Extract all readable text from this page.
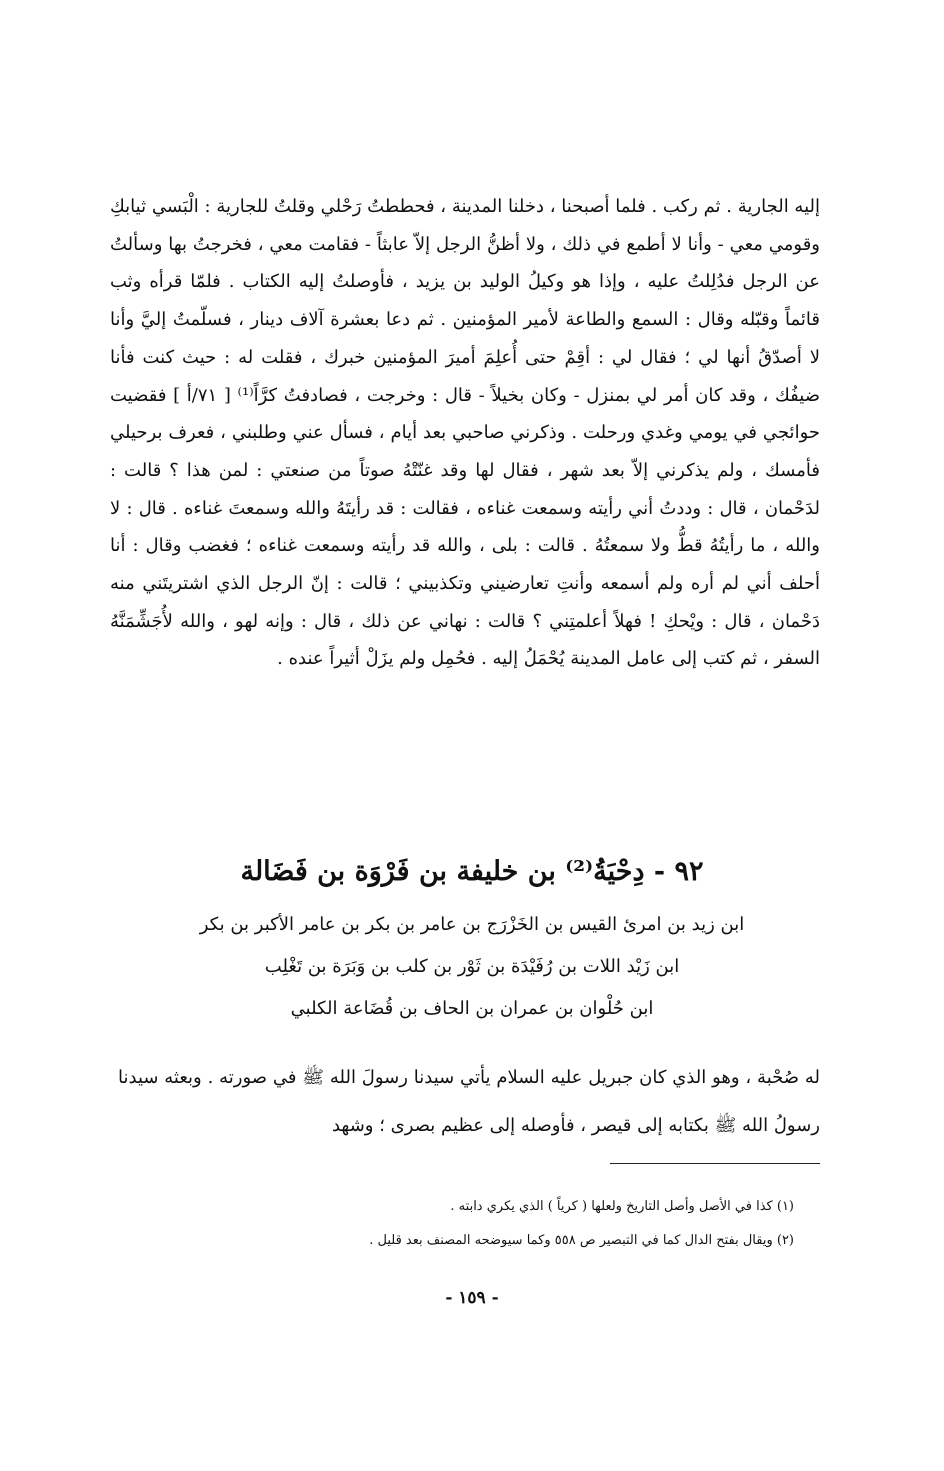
إليه الجارية . ثم ركب . فلما أصبحنا ، دخلنا المدينة ، فحططتُ رَحْلي وقلتُ للجارية : الْبَسي ثيابكِ وقومي معي - وأنا لا أطمع في ذلك ، ولا أظنُّ الرجل إلاّ عابثاً - فقامت معي ، فخرجتُ بها وسألتُ عن الرجل فدُلِلتُ عليه ، وإذا هو وكيلُ الوليد بن يزيد ، فأوصلتُ إليه الكتاب . فلمّا قرأه وثب قائماً وقبّله وقال : السمع والطاعة لأمير المؤمنين . ثم دعا بعشرة آلاف دينار ، فسلّمتُ إليَّ وأنا لا أصدّقُ أنها لي ؛ فقال لي : أقِمْ حتى أُعلِمَ أميرَ المؤمنين خبرك ، فقلت له : حيث كنت فأنا ضيفُك ، وقد كان أمر لي بمنزل - وكان بخيلاً - قال : وخرجت ، فصادفتُ كرَّاً⁽¹⁾ [ ٧١/أ ] فقضيت حوائجي في يومي وغدي ورحلت . وذكرني صاحبي بعد أيام ، فسأل عني وطلبني ، فعرف برحيلي فأمسك ، ولم يذكرني إلاّ بعد شهر ، فقال لها وقد غنّتْهُ صوتاً من صنعتي : لمن هذا ؟ قالت : لدَحْمان ، قال : وددتُ أني رأيته وسمعت غناءه ، فقالت : قد رأيتَهُ والله وسمعتَ غناءه . قال : لا والله ، ما رأيتُهُ قطُّ ولا سمعتُهُ . قالت : بلى ، والله قد رأيته وسمعت غناءه ؛ فغضب وقال : أنا أحلف أني لم أره ولم أسمعه وأنتِ تعارضيني وتكذبيني ؛ قالت : إنّ الرجل الذي اشتريتَني منه دَحْمان ، قال : ويْحكِ ! فهلاً أعلمتِني ؟ قالت : نهاني عن ذلك ، قال : وإنه لهو ، والله لأُجَشِّمَنَّهُ السفر ، ثم كتب إلى عامل المدينة يُحْمَلُ إليه . فحُمِل ولم يزَلْ أثيراً عنده .

٩٢ - دِحْيَةُ⁽²⁾ بن خليفة بن فَرْوَة بن فَضَالة
ابن زيد بن امرئ القيس بن الخَزْرَج بن عامر بن بكر بن عامر الأكبر بن بكر
ابن زَيْد اللات بن رُفَيْدَة بن ثَوْر بن كلب بن وَبَرَة بن تَغْلِب
ابن حُلْوان بن عمران بن الحاف بن قُضَاعة الكلبي

له صُحْبة ، وهو الذي كان جبريل عليه السلام يأتي سيدنا رسولَ الله ﷺ في صورته . وبعثه سيدنا رسولُ الله ﷺ بكتابه إلى قيصر ، فأوصله إلى عظيم بصرى ؛ وشهد

(١) كذا في الأصل وأصل التاريخ ولعلها ( كرياً ) الذي يكري دابته .
(٢) ويقال بفتح الدال كما في التبصير ص ٥٥٨ وكما سيوضحه المصنف بعد قليل .
- ١٥٩ -
